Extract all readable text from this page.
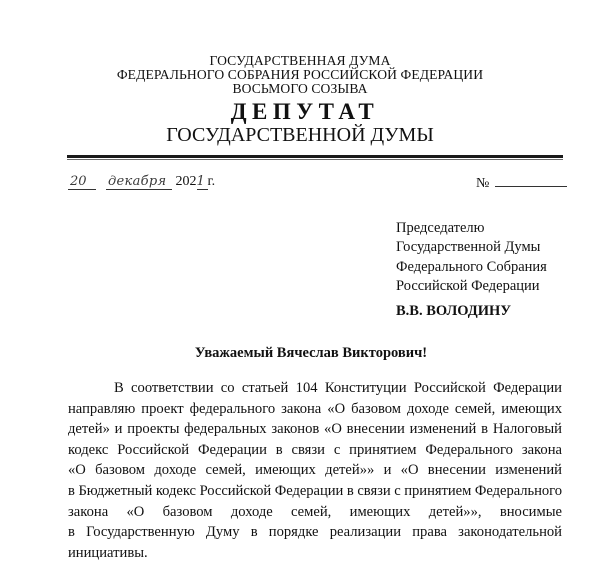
ГОСУДАРСТВЕННАЯ ДУМА
ФЕДЕРАЛЬНОГО СОБРАНИЯ РОССИЙСКОЙ ФЕДЕРАЦИИ
ВОСЬМОГО СОЗЫВА
ДЕПУТАТ
ГОСУДАРСТВЕННОЙ ДУМЫ
20 декабря 2021 г.	№
Председателю
Государственной Думы
Федерального Собрания
Российской Федерации
В.В. ВОЛОДИНУ
Уважаемый Вячеслав Викторович!
В соответствии со статьей 104 Конституции Российской Федерации
направляю проект федерального закона «О базовом доходе семей, имеющих
детей» и проекты федеральных законов «О внесении изменений в Налоговый
кодекс Российской Федерации в связи с принятием Федерального закона
«О базовом доходе семей, имеющих детей»» и «О внесении изменений
в Бюджетный кодекс Российской Федерации в связи с принятием Федерального
закона «О базовом доходе семей, имеющих детей»», вносимые
в Государственную Думу в порядке реализации права законодательной
инициативы.
